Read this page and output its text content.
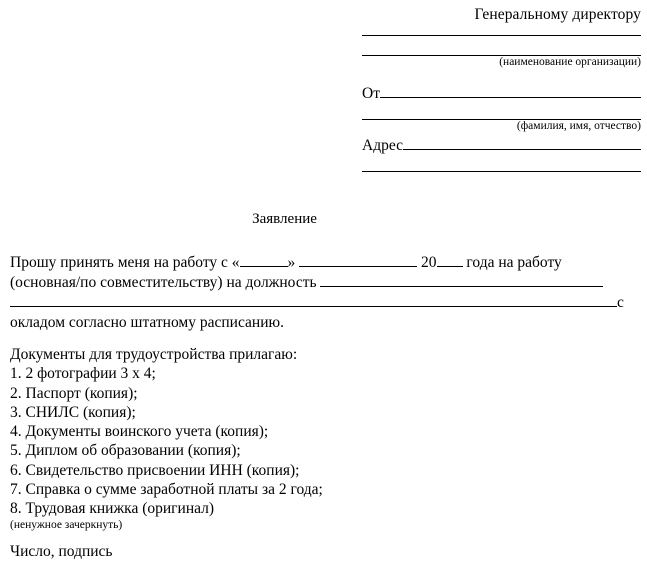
Генеральному директору
(наименование организации)
От
(фамилия, имя, отчество)
Адрес
Заявление
Прошу принять меня на работу с «	»	20 года на работу
(основная/по совместительству) на должность
с
окладом согласно штатному расписанию.
Документы для трудоустройства прилагаю:
1. 2 фотографии 3 х 4;
2. Паспорт (копия);
3. СНИЛС (копия);
4. Документы воинского учета (копия);
5. Диплом об образовании (копия);
6. Свидетельство присвоении ИНН (копия);
7. Справка о сумме заработной платы за 2 года;
8. Трудовая книжка (оригинал)
(ненужное зачеркнуть)
Число, подпись
